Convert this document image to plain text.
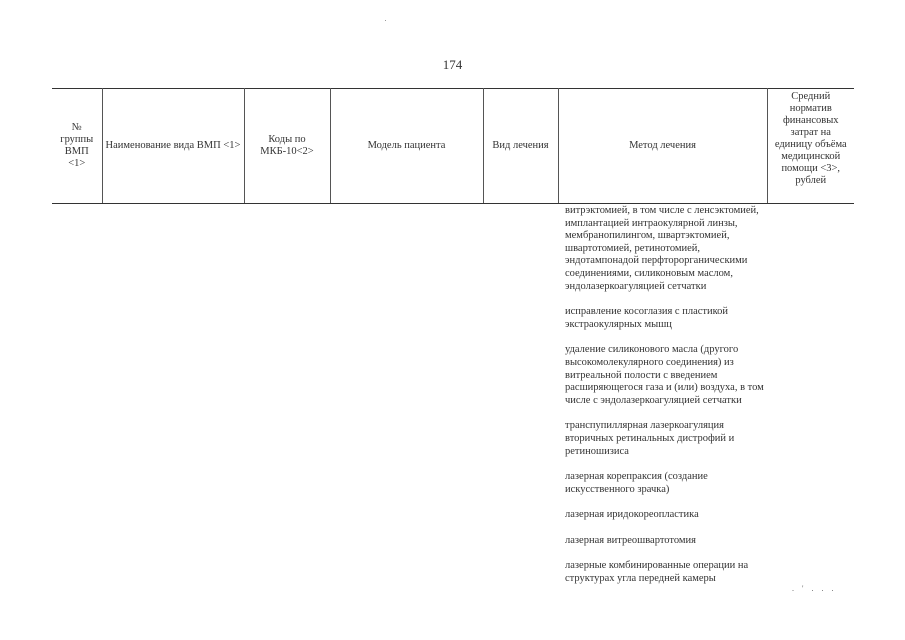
174
№ группы ВМП <1>	Наименование вида ВМП <1>	Коды по МКБ-10<2>	Модель пациента	Вид лечения	Метод лечения	Средний норматив финансовых затрат на единицу объёма медицинской помощи <3>, рублей

витрэктомией, в том числе с ленсэктомией, имплантацией интраокулярной линзы, мембранопилингом, швартэктомией, швартотомией, ретинотомией, эндотампонадой перфторорганическими соединениями, силиконовым маслом, эндолазеркоагуляцией сетчатки

исправление косоглазия с пластикой экстраокулярных мышц

удаление силиконового масла (другого высокомолекулярного соединения) из витреальной полости с введением расширяющегося газа и (или) воздуха, в том числе с эндолазеркоагуляцией сетчатки

транспупиллярная лазеркоагуляция вторичных ретинальных дистрофий и ретиношизиса

лазерная корепраксия (создание искусственного зрачка)

лазерная иридокореопластика

лазерная витреошвартотомия

лазерные комбинированные операции на структурах угла передней камеры

. ' . . .
